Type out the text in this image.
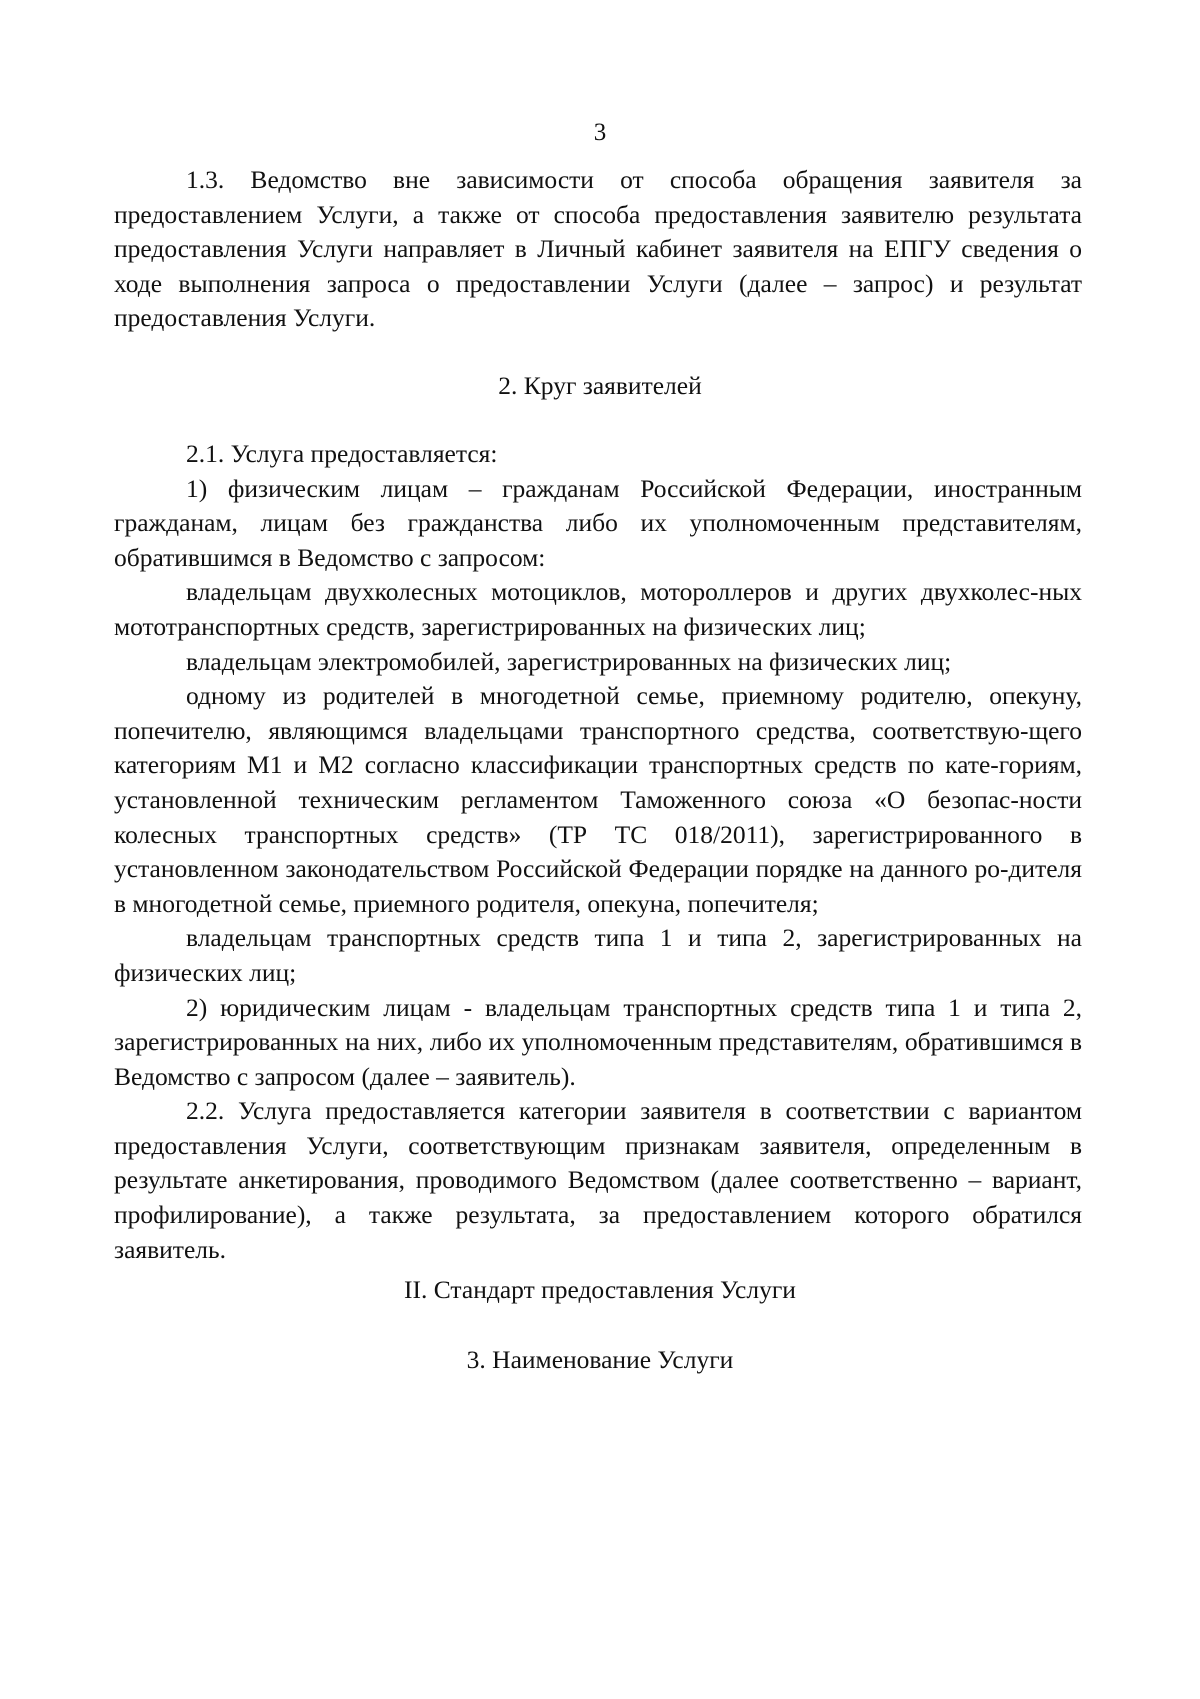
3

1.3. Ведомство вне зависимости от способа обращения заявителя за предоставлением Услуги, а также от способа предоставления заявителю результата предоставления Услуги направляет в Личный кабинет заявителя на ЕПГУ сведения о ходе выполнения запроса о предоставлении Услуги (далее – запрос) и результат предоставления Услуги.

2. Круг заявителей

2.1. Услуга предоставляется:

1) физическим лицам – гражданам Российской Федерации, иностранным гражданам, лицам без гражданства либо их уполномоченным представителям, обратившимся в Ведомство с запросом:

владельцам двухколесных мотоциклов, мотороллеров и других двухколес-ных мототранспортных средств, зарегистрированных на физических лиц;

владельцам электромобилей, зарегистрированных на физических лиц;

одному из родителей в многодетной семье, приемному родителю, опекуну, попечителю, являющимся владельцами транспортного средства, соответствую-щего категориям М1 и М2 согласно классификации транспортных средств по кате-гориям, установленной техническим регламентом Таможенного союза «О безопас-ности колесных транспортных средств» (ТР ТС 018/2011), зарегистрированного в установленном законодательством Российской Федерации порядке на данного ро-дителя в многодетной семье, приемного родителя, опекуна, попечителя;

владельцам транспортных средств типа 1 и типа 2, зарегистрированных на физических лиц;

2) юридическим лицам - владельцам транспортных средств типа 1 и типа 2, зарегистрированных на них, либо их уполномоченным представителям, обратившимся в Ведомство с запросом (далее – заявитель).

2.2. Услуга предоставляется категории заявителя в соответствии с вариантом предоставления Услуги, соответствующим признакам заявителя, определенным в результате анкетирования, проводимого Ведомством (далее соответственно – вариант, профилирование), а также результата, за предоставлением которого обратился заявитель.

II. Стандарт предоставления Услуги
3. Наименование Услуги
